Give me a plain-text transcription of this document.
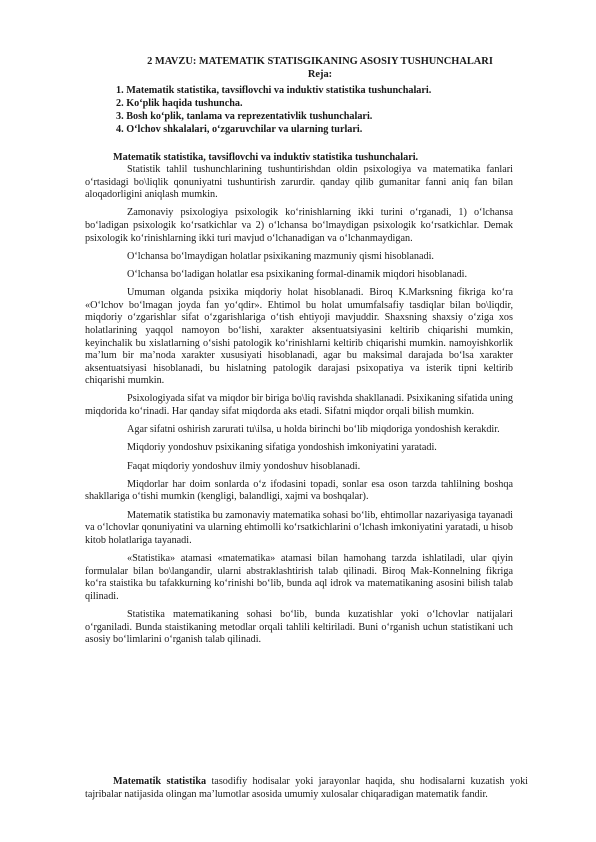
2 MAVZU: MATEMATIK STATISGIKANING ASOSIY TUSHUNCHALARI
Reja:
1. Matematik statistika, tavsiflovchi va induktiv statistika tushunchalari.
2. Ko‘plik haqida tushuncha.
3. Bosh ko‘plik, tanlama va reprezentativlik tushunchalari.
4. O‘lchov shkalalari, o‘zgaruvchilar va ularning turlari.
Matematik statistika, tavsiflovchi va induktiv statistika tushunchalari.

Statistik tahlil tushunchlarining tushuntirishdan oldin psixologiya va matematika fanlari o‘rtasidagi bo\liqlik qonuniyatni tushuntirish zarurdir. qanday qilib gumanitar fanni aniq fan bilan aloqadorligini aniqlash mumkin.

Zamonaviy psixologiya psixologik ko‘rinishlarning ikki turini o‘rganadi, 1) o‘lchansa bo‘ladigan psixologik ko‘rsatkichlar va 2) o‘lchansa bo‘lmaydigan psixologik ko‘rsatkichlar. Demak psixologik ko‘rinishlarning ikki turi mavjud o‘lchanadigan va o‘lchanmaydigan.

O‘lchansa bo‘lmaydigan holatlar psixikaning mazmuniy qismi hisoblanadi.

O‘lchansa bo‘ladigan holatlar esa psixikaning formal-dinamik miqdori hisoblanadi.

Umuman olganda psixika miqdoriy holat hisoblanadi. Biroq K.Marksning fikriga ko‘ra «O‘lchov bo‘lmagan joyda fan yo‘qdir». Ehtimol bu holat umumfalsafiy tasdiqlar bilan bo\liqdir, miqdoriy o‘zgarishlar sifat o‘zgarishlariga o‘tish ehtiyoji mavjuddir. Shaxsning shaxsiy o‘ziga xos holatlarining yaqqol namoyon bo‘lishi, xarakter aksentuatsiyasini keltirib chiqarishi mumkin, keyinchalik bu xislatlarning o‘sishi patologik ko‘rinishlarni keltirib chiqarishi mumkin. namoyishkorlik ma’lum bir ma’noda xarakter xususiyati hisoblanadi, agar bu maksimal darajada bo‘lsa xarakter aksentuatsiyasi hisoblanadi, bu hislatning patologik darajasi psixopatiya va isterik tipni keltirib chiqarishi mumkin.

Psixologiyada sifat va miqdor bir biriga bo\liq ravishda shakllanadi. Psixikaning sifatida uning miqdorida ko‘rinadi. Har qanday sifat miqdorda aks etadi. Sifatni miqdor orqali bilish mumkin.

Agar sifatni oshirish zarurati tu\ilsa, u holda birinchi bo‘lib miqdoriga yondoshish kerakdir.

Miqdoriy yondoshuv psixikaning sifatiga yondoshish imkoniyatini yaratadi.

Faqat miqdoriy yondoshuv ilmiy yondoshuv hisoblanadi.

Miqdorlar har doim sonlarda o‘z ifodasini topadi, sonlar esa oson tarzda tahlilning boshqa shakllariga o‘tishi mumkin (kengligi, balandligi, xajmi va boshqalar).

Matematik statistika bu zamonaviy matematika sohasi bo‘lib, ehtimollar nazariyasiga tayanadi va o‘lchovlar qonuniyatini va ularning ehtimolli ko‘rsatkichlarini o‘lchash imkoniyatini yaratadi, u hisob kitob holatlariga tayanadi.

«Statistika» atamasi «matematika» atamasi bilan hamohang tarzda ishlatiladi, ular qiyin formulalar bilan bo\langandir, ularni abstraklashtirish talab qilinadi. Biroq Mak-Konnelning fikriga ko‘ra staistika bu tafakkurning ko‘rinishi bo‘lib, bunda aql idrok va matematikaning asosini bilish talab qilinadi.

Statistika matematikaning sohasi bo‘lib, bunda kuzatishlar yoki o‘lchovlar natijalari o‘rganiladi. Bunda staistikaning metodlar orqali tahlili keltiriladi. Buni o‘rganish uchun statistikani uch asosiy bo‘limlarini o‘rganish talab qilinadi.

Matematik statistika tasodifiy hodisalar yoki jarayonlar haqida, shu hodisalarni kuzatish yoki tajribalar natijasida olingan ma’lumotlar asosida umumiy xulosalar chiqaradigan matematik fandir.
